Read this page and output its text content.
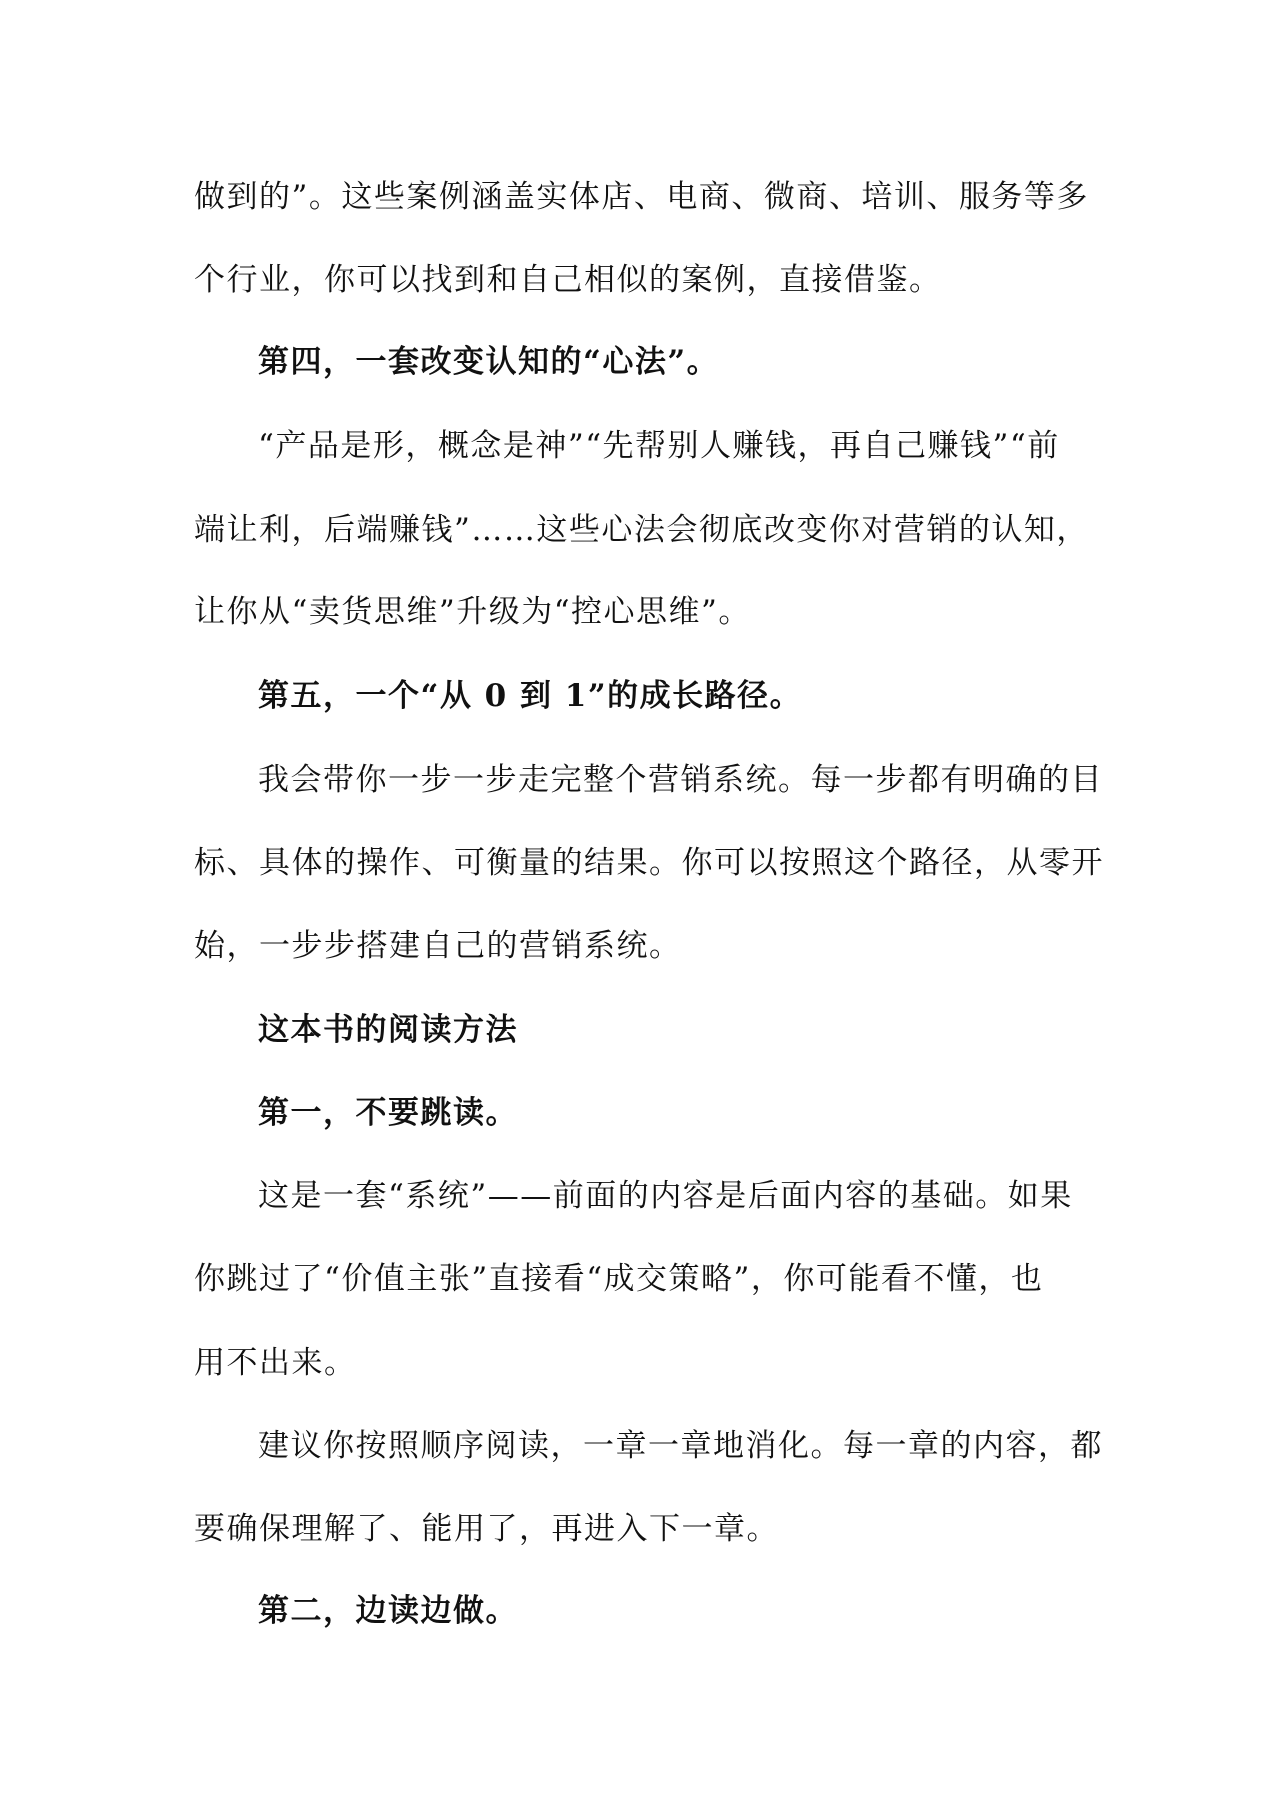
做到的”。这些案例涵盖实体店、电商、微商、培训、服务等多
个行业，你可以找到和自己相似的案例，直接借鉴。
第四，一套改变认知的“心法”。
“产品是形，概念是神”“先帮别人赚钱，再自己赚钱”“前
端让利，后端赚钱”……这些心法会彻底改变你对营销的认知，
让你从“卖货思维”升级为“控心思维”。
第五，一个“从 0 到 1”的成长路径。
我会带你一步一步走完整个营销系统。每一步都有明确的目
标、具体的操作、可衡量的结果。你可以按照这个路径，从零开
始，一步步搭建自己的营销系统。
这本书的阅读方法
第一，不要跳读。
这是一套“系统”——前面的内容是后面内容的基础。如果
你跳过了“价值主张”直接看“成交策略”，你可能看不懂，也
用不出来。
建议你按照顺序阅读，一章一章地消化。每一章的内容，都
要确保理解了、能用了，再进入下一章。
第二，边读边做。
